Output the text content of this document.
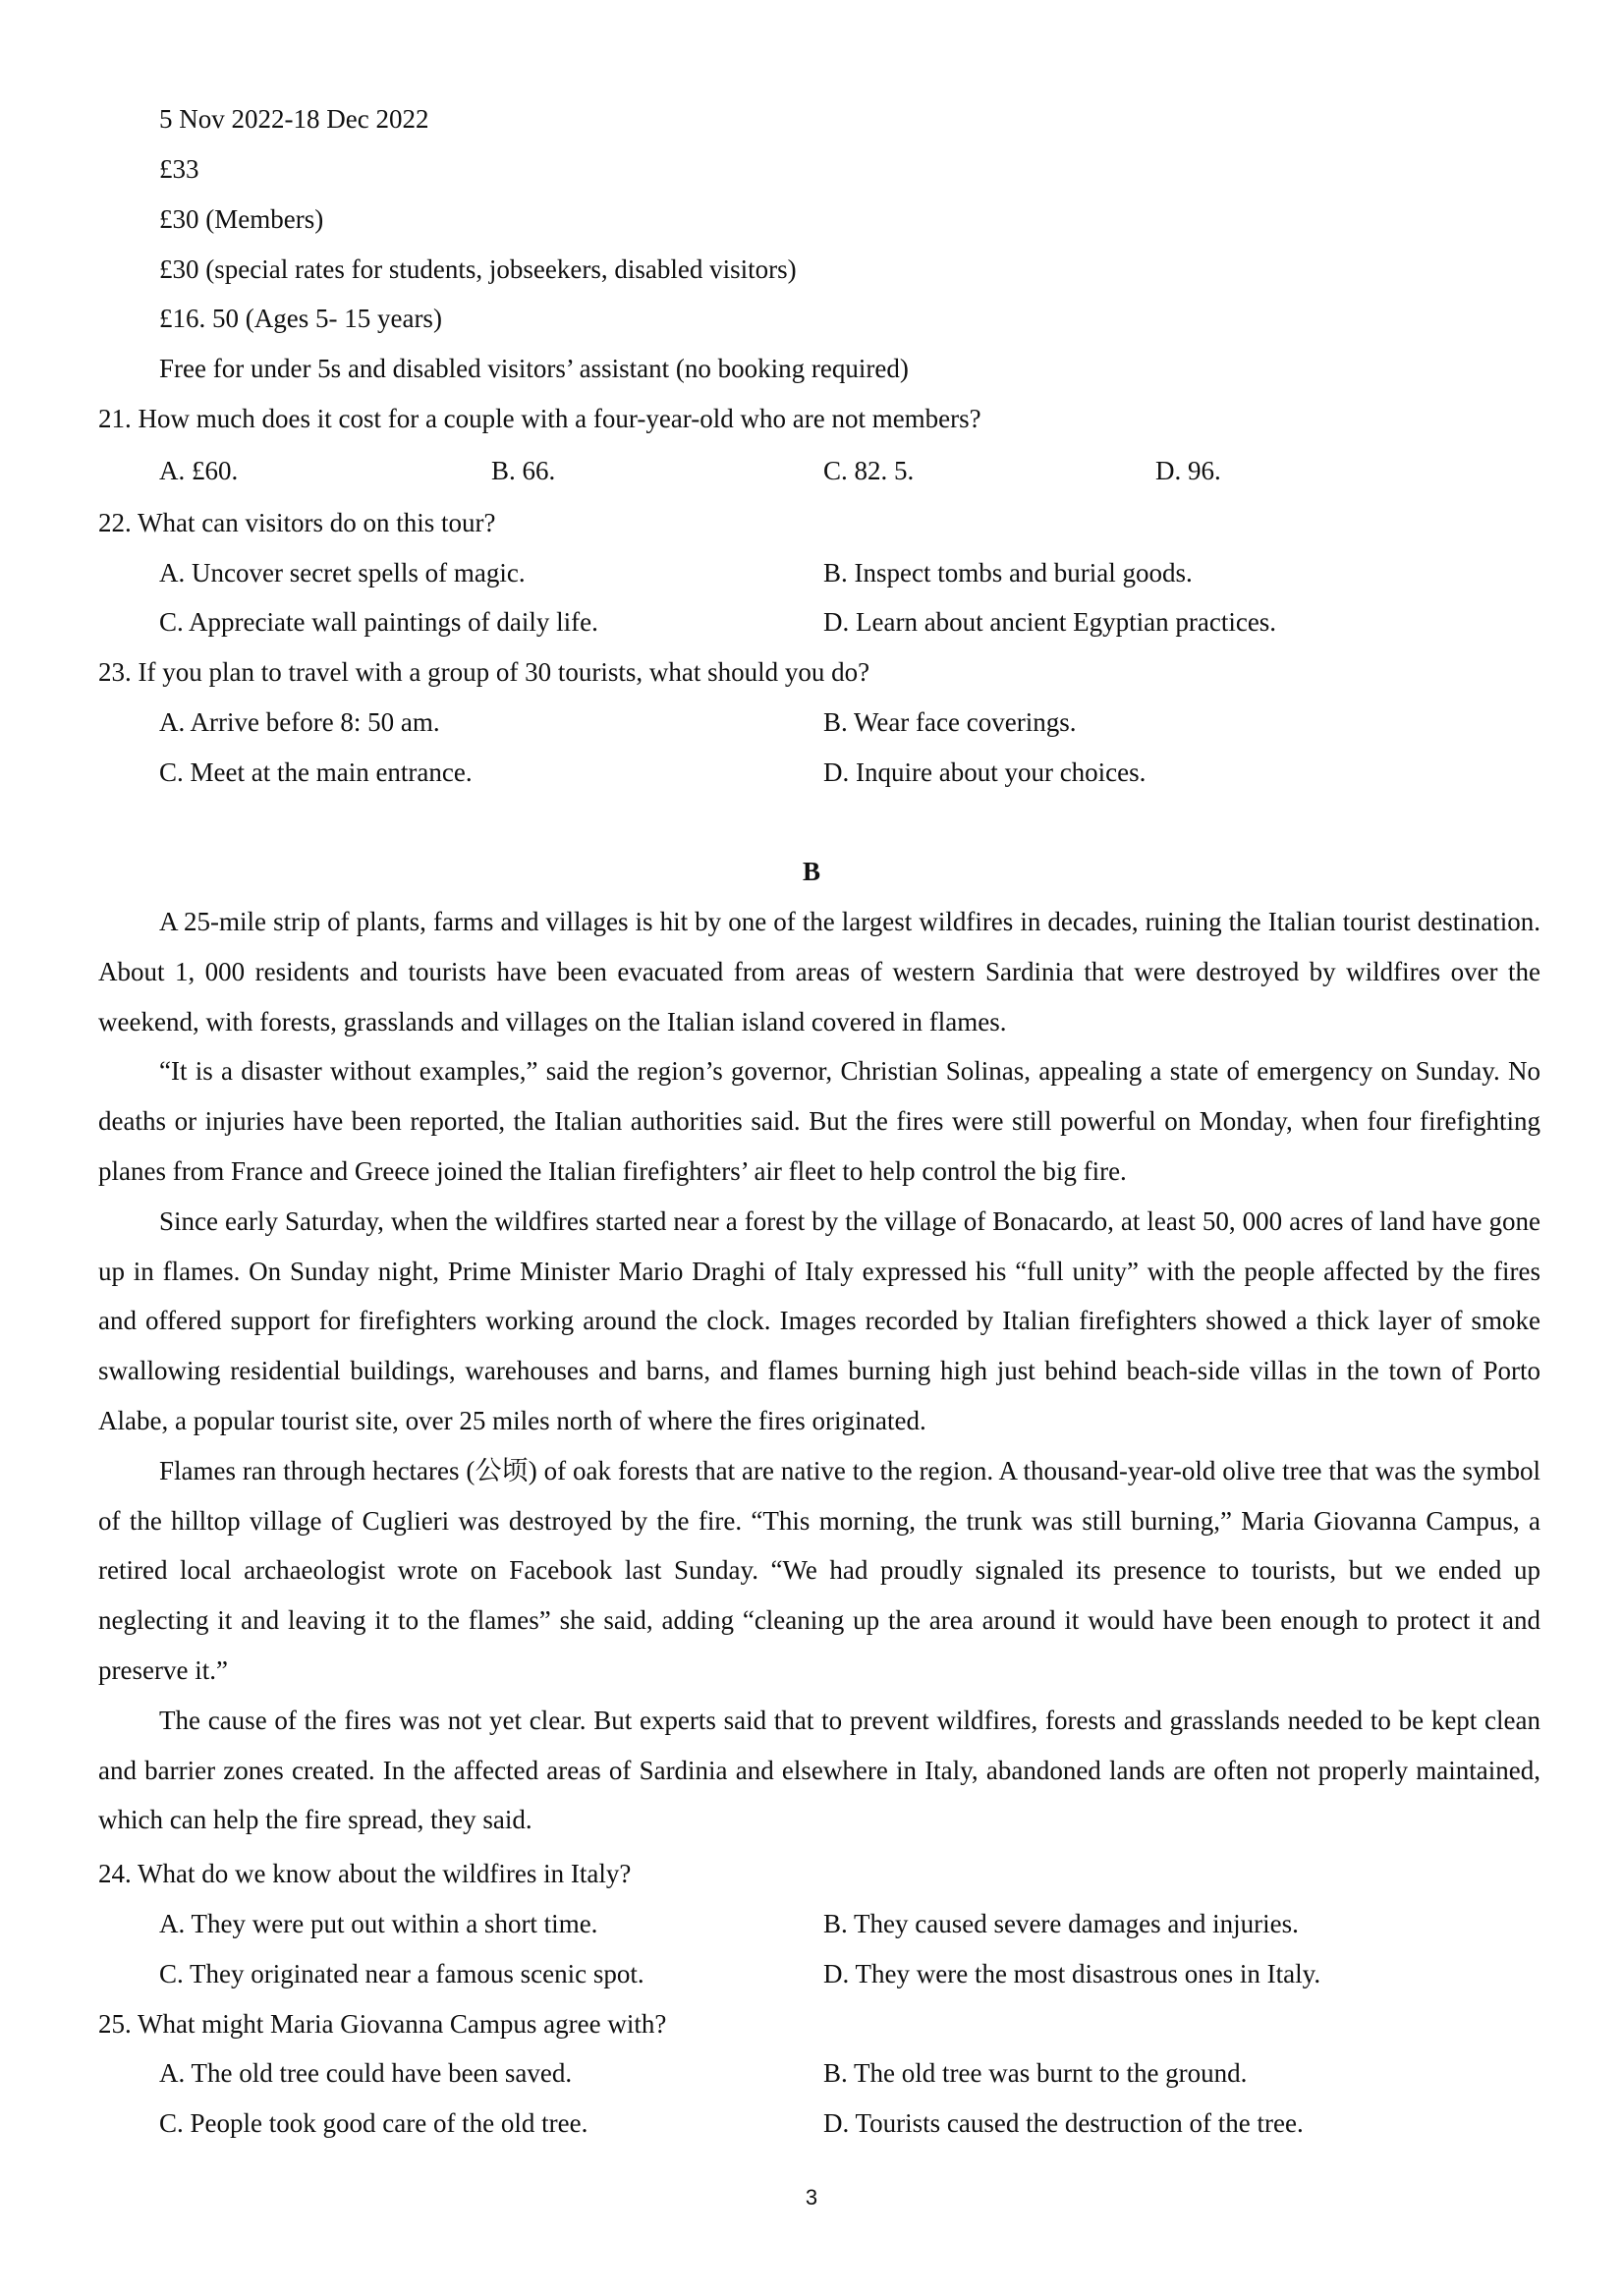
5 Nov 2022-18 Dec 2022
£33
£30 (Members)
£30 (special rates for students, jobseekers, disabled visitors)
£16. 50 (Ages 5- 15 years)
Free for under 5s and disabled visitors’ assistant (no booking required)
21. How much does it cost for a couple with a four-year-old who are not members?
A. £60.	B. 66.	C. 82. 5.	D. 96.
22. What can visitors do on this tour?
A. Uncover secret spells of magic.	B. Inspect tombs and burial goods.
C. Appreciate wall paintings of daily life.	D. Learn about ancient Egyptian practices.
23. If you plan to travel with a group of 30 tourists, what should you do?
A. Arrive before 8: 50 am.	B. Wear face coverings.
C. Meet at the main entrance.	D. Inquire about your choices.
B

A 25-mile strip of plants, farms and villages is hit by one of the largest wildfires in decades, ruining the Italian tourist destination. About 1, 000 residents and tourists have been evacuated from areas of western Sardinia that were destroyed by wildfires over the weekend, with forests, grasslands and villages on the Italian island covered in flames.

“It is a disaster without examples,” said the region’s governor, Christian Solinas, appealing a state of emergency on Sunday. No deaths or injuries have been reported, the Italian authorities said. But the fires were still powerful on Monday, when four firefighting planes from France and Greece joined the Italian firefighters’ air fleet to help control the big fire.

Since early Saturday, when the wildfires started near a forest by the village of Bonacardo, at least 50, 000 acres of land have gone up in flames. On Sunday night, Prime Minister Mario Draghi of Italy expressed his “full unity” with the people affected by the fires and offered support for firefighters working around the clock. Images recorded by Italian firefighters showed a thick layer of smoke swallowing residential buildings, warehouses and barns, and flames burning high just behind beach-side villas in the town of Porto Alabe, a popular tourist site, over 25 miles north of where the fires originated.

Flames ran through hectares (公顷) of oak forests that are native to the region. A thousand-year-old olive tree that was the symbol of the hilltop village of Cuglieri was destroyed by the fire. “This morning, the trunk was still burning,” Maria Giovanna Campus, a retired local archaeologist wrote on Facebook last Sunday. “We had proudly signaled its presence to tourists, but we ended up neglecting it and leaving it to the flames” she said, adding “cleaning up the area around it would have been enough to protect it and preserve it.”

The cause of the fires was not yet clear. But experts said that to prevent wildfires, forests and grasslands needed to be kept clean and barrier zones created. In the affected areas of Sardinia and elsewhere in Italy, abandoned lands are often not properly maintained, which can help the fire spread, they said.

24. What do we know about the wildfires in Italy?
A. They were put out within a short time.	B. They caused severe damages and injuries.
C. They originated near a famous scenic spot.	D. They were the most disastrous ones in Italy.
25. What might Maria Giovanna Campus agree with?
A. The old tree could have been saved.	B. The old tree was burnt to the ground.
C. People took good care of the old tree.	D. Tourists caused the destruction of the tree.
3
